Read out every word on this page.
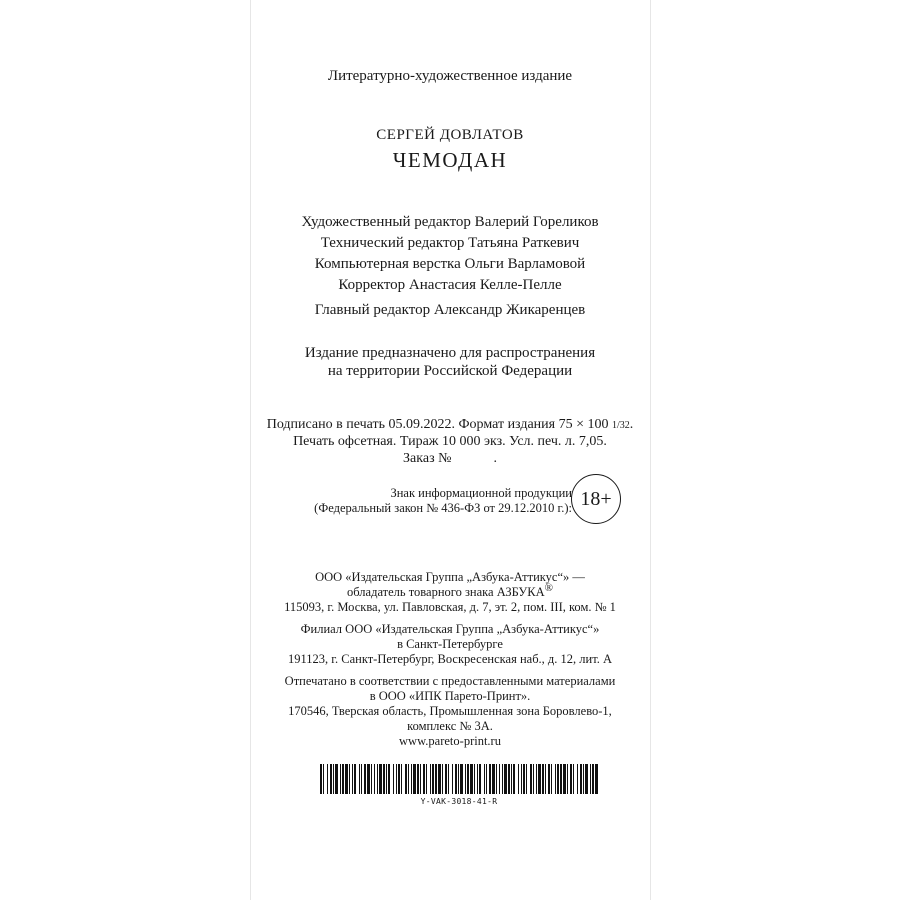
Литературно-художественное издание
СЕРГЕЙ ДОВЛАТОВ
ЧЕМОДАН
Художественный редактор Валерий Гореликов
Технический редактор Татьяна Раткевич
Компьютерная верстка Ольги Варламовой
Корректор Анастасия Келле-Пелле
Главный редактор Александр Жикаренцев
Издание предназначено для распространения
на территории Российской Федерации
Подписано в печать 05.09.2022. Формат издания 75 × 100 1/32.
Печать офсетная. Тираж 10 000 экз. Усл. печ. л. 7,05.
Заказ №            .
Знак информационной продукции
(Федеральный закон № 436-ФЗ от 29.12.2010 г.): 18+
ООО «Издательская Группа „Азбука-Аттикус“» —
обладатель товарного знака АЗБУКА®
115093, г. Москва, ул. Павловская, д. 7, эт. 2, пом. III, ком. № 1
Филиал ООО «Издательская Группа „Азбука-Аттикус“»
в Санкт-Петербурге
191123, г. Санкт-Петербург, Воскресенская наб., д. 12, лит. А
Отпечатано в соответствии с предоставленными материалами
в ООО «ИПК Парето-Принт».
170546, Тверская область, Промышленная зона Боровлево-1,
комплекс № 3А.
www.pareto-print.ru
Y-VAK-3018-41-R
